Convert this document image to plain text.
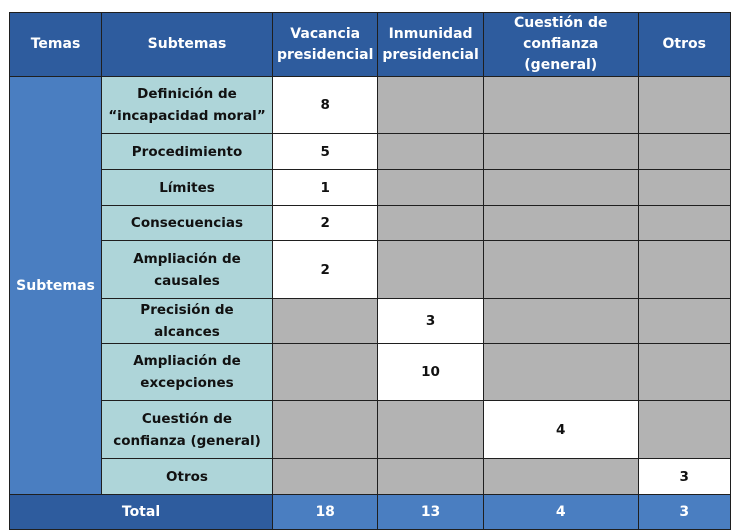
Temas	Subtemas	Vacancia presidencial	Inmunidad presidencial	Cuestión de confianza (general)	Otros
Subtemas	Definición de “incapacidad moral”	8			
	Procedimiento	5			
	Límites	1			
	Consecuencias	2			
	Ampliación de causales	2			
	Precisión de alcances		3		
	Ampliación de excepciones		10		
	Cuestión de confianza (general)			4	
	Otros				3
Total		18	13	4	3
